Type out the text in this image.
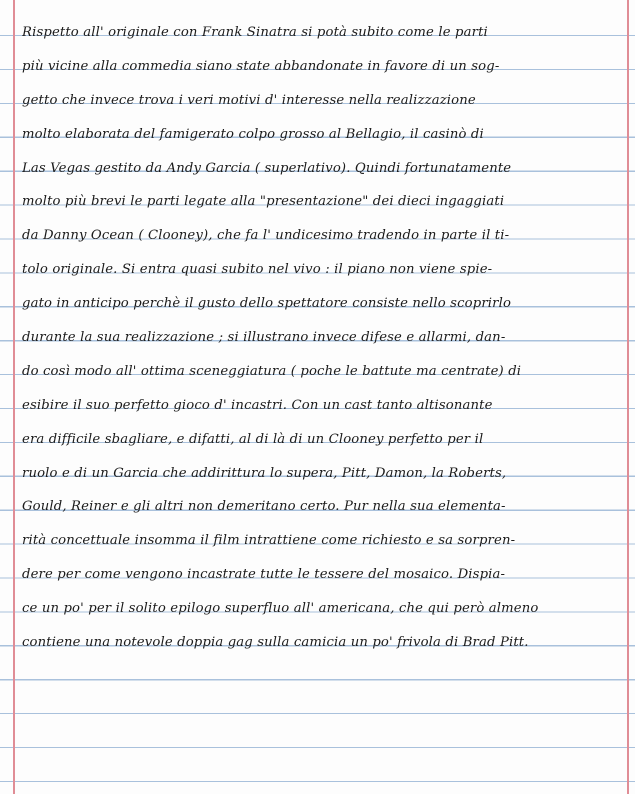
Rispetto all' originale con Frank Sinatra si potà subito come le parti
più vicine alla commedia siano state abbandonate in favore di un sog-
getto che invece trova i veri motivi d' interesse nella realizzazione
molto elaborata del famigerato colpo grosso al Bellagio, il casinò di
Las Vegas gestito da Andy Garcia ( superlativo). Quindi fortunatamente
molto più brevi le parti legate alla "presentazione" dei dieci ingaggiati
da Danny Ocean ( Clooney), che fa l' undicesimo tradendo in parte il ti-
tolo originale. Si entra quasi subito nel vivo : il piano non viene spie-
gato in anticipo perchè il gusto dello spettatore consiste nello scoprirlo
durante la sua realizzazione ; si illustrano invece difese e allarmi, dan-
do così modo all' ottima sceneggiatura ( poche le battute ma centrate) di
esibire il suo perfetto gioco d' incastri. Con un cast tanto altisonante
era difficile sbagliare, e difatti, al di là di un Clooney perfetto per il
ruolo e di un Garcia che addirittura lo supera, Pitt, Damon, la Roberts,
Gould, Reiner e gli altri non demeritano certo. Pur nella sua elementa-
rità concettuale insomma il film intrattiene come richiesto e sa sorpren-
dere per come vengono incastrate tutte le tessere del mosaico. Dispia-
ce un po' per il solito epilogo superfluo all' americana, che qui però almeno
contiene una notevole doppia gag sulla camicia un po' frivola di Brad Pitt.
